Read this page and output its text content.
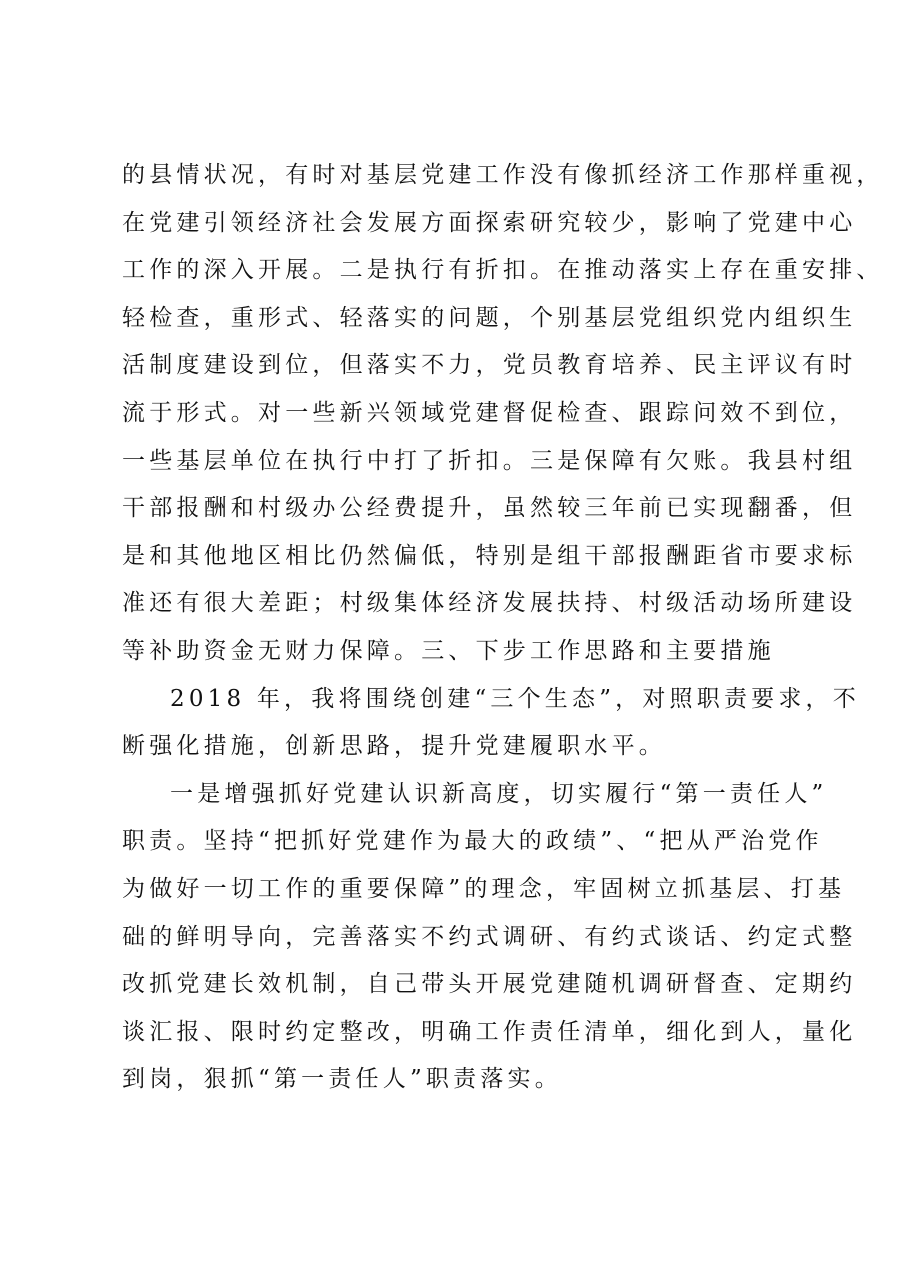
的县情状况，有时对基层党建工作没有像抓经济工作那样重视，
在党建引领经济社会发展方面探索研究较少，影响了党建中心
工作的深入开展。二是执行有折扣。在推动落实上存在重安排、
轻检查，重形式、轻落实的问题，个别基层党组织党内组织生
活制度建设到位，但落实不力，党员教育培养、民主评议有时
流于形式。对一些新兴领域党建督促检查、跟踪问效不到位，
一些基层单位在执行中打了折扣。三是保障有欠账。我县村组
干部报酬和村级办公经费提升，虽然较三年前已实现翻番，但
是和其他地区相比仍然偏低，特别是组干部报酬距省市要求标
准还有很大差距；村级集体经济发展扶持、村级活动场所建设
等补助资金无财力保障。三、下步工作思路和主要措施
2018 年，我将围绕创建“三个生态”，对照职责要求，不
断强化措施，创新思路，提升党建履职水平。
一是增强抓好党建认识新高度，切实履行“第一责任人”
职责。坚持“把抓好党建作为最大的政绩”、“把从严治党作
为做好一切工作的重要保障”的理念，牢固树立抓基层、打基
础的鲜明导向，完善落实不约式调研、有约式谈话、约定式整
改抓党建长效机制，自己带头开展党建随机调研督查、定期约
谈汇报、限时约定整改，明确工作责任清单，细化到人，量化
到岗，狠抓“第一责任人”职责落实。
